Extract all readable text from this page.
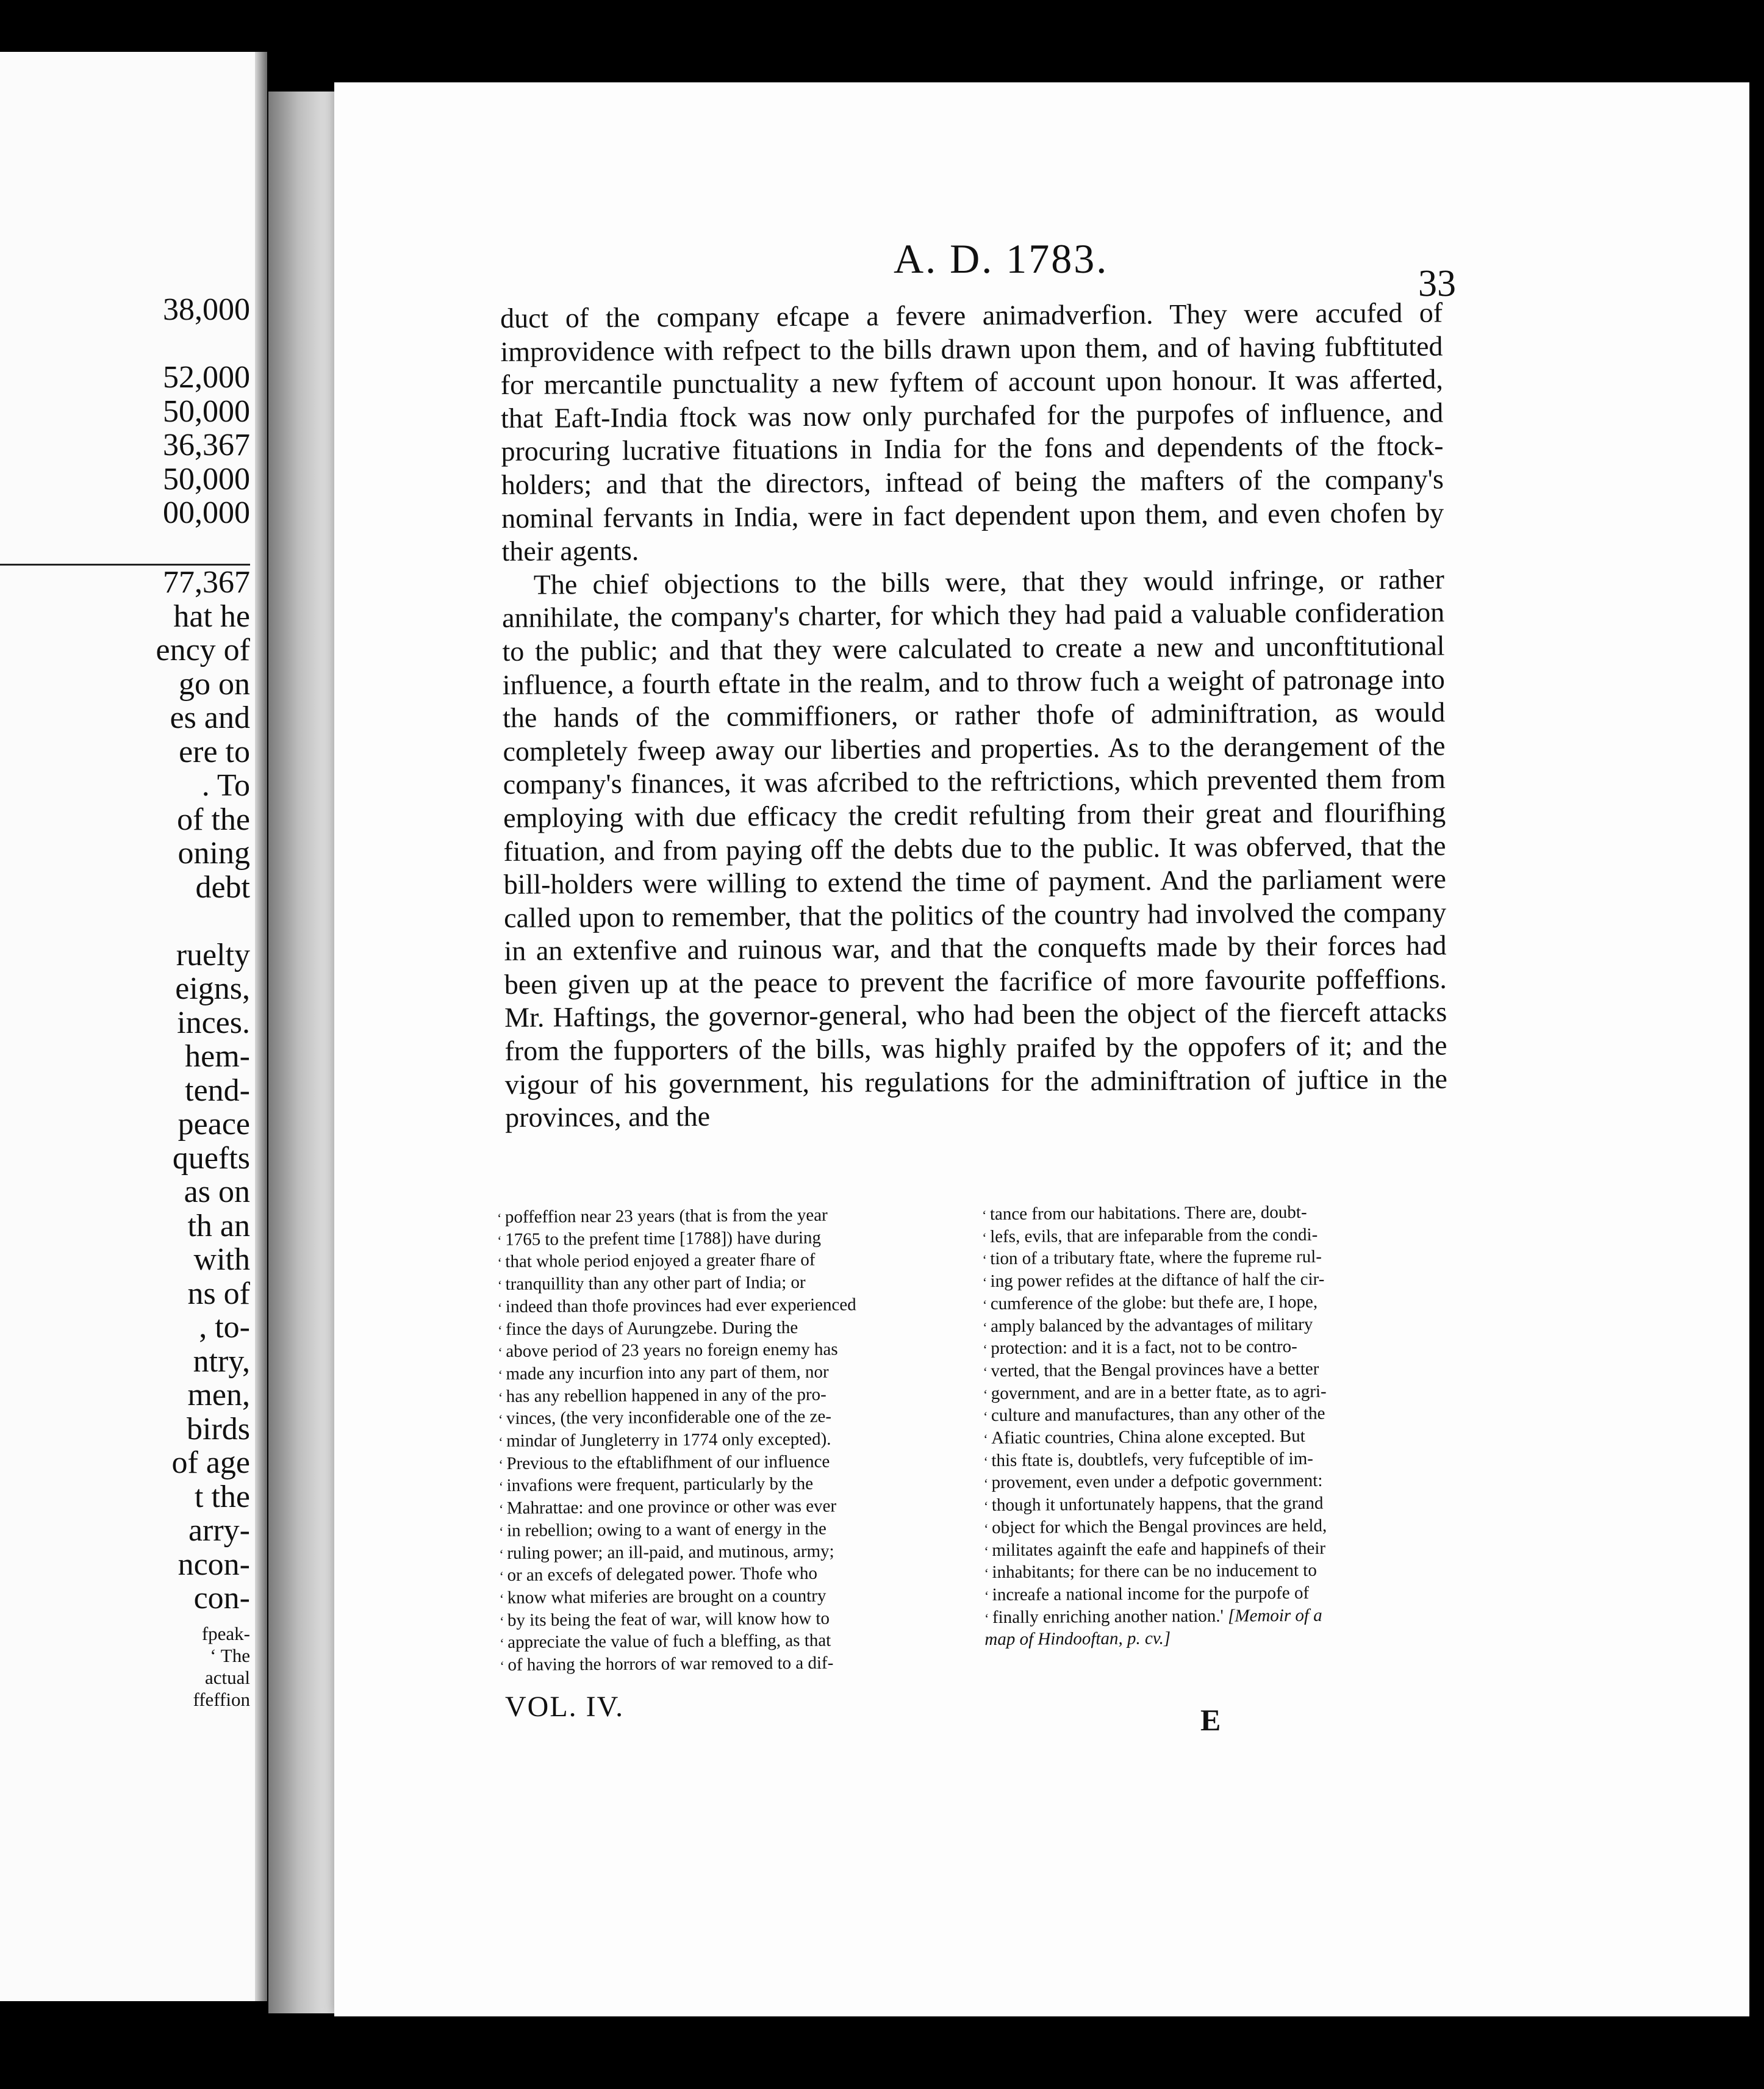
38,000
52,000
50,000
36,367
50,000
00,000
77,367
hat he
ency of
go on
es and
ere to
. To
of the
oning
debt
ruelty
eigns,
inces.
hem-
tend-
peace
quefts
as on
th an
with
ns of
, to-
ntry,
men,
birds
of age
t the
arry-
ncon-
con-
fpeak-
‘ The
actual
ffeffion
A. D. 1783.
33

duct of the company efcape a fevere animadverfion. They were accufed of improvidence with refpect to the bills drawn upon them, and of having fubftituted for mercantile punctuality a new fyftem of account upon honour. It was afferted, that Eaft-India ftock was now only purchafed for the purpofes of influence, and procuring lucrative fituations in India for the fons and dependents of the ftock-holders; and that the directors, inftead of being the mafters of the company's nominal fervants in India, were in fact dependent upon them, and even chofen by their agents.

The chief objections to the bills were, that they would infringe, or rather annihilate, the company's charter, for which they had paid a valuable confideration to the public; and that they were calculated to create a new and unconftitutional influence, a fourth eftate in the realm, and to throw fuch a weight of patronage into the hands of the commiffioners, or rather thofe of adminiftration, as would completely fweep away our liberties and properties. As to the derangement of the company's finances, it was afcribed to the reftrictions, which prevented them from employing with due efficacy the credit refulting from their great and flourifhing fituation, and from paying off the debts due to the public. It was obferved, that the bill-holders were willing to extend the time of payment. And the parliament were called upon to remember, that the politics of the country had involved the company in an extenfive and ruinous war, and that the conquefts made by their forces had been given up at the peace to prevent the facrifice of more favourite poffeffions. Mr. Haftings, the governor-general, who had been the object of the fierceft attacks from the fupporters of the bills, was highly praifed by the oppofers of it; and the vigour of his government, his regulations for the adminiftration of juftice in the provinces, and the

‘ poffeffion near 23 years (that is from the year
‘ 1765 to the prefent time [1788]) have during
‘ that whole period enjoyed a greater fhare of
‘ tranquillity than any other part of India; or
‘ indeed than thofe provinces had ever experienced
‘ fince the days of Aurungzebe. During the
‘ above period of 23 years no foreign enemy has
‘ made any incurfion into any part of them, nor
‘ has any rebellion happened in any of the pro-
‘ vinces, (the very inconfiderable one of the ze-
‘ mindar of Jungleterry in 1774 only excepted).
‘ Previous to the eftablifhment of our influence
‘ invafions were frequent, particularly by the
‘ Mahrattae: and one province or other was ever
‘ in rebellion; owing to a want of energy in the
‘ ruling power; an ill-paid, and mutinous, army;
‘ or an excefs of delegated power. Thofe who
‘ know what miferies are brought on a country
‘ by its being the feat of war, will know how to
‘ appreciate the value of fuch a bleffing, as that
‘ of having the horrors of war removed to a dif-
‘ tance from our habitations. There are, doubt-
‘ lefs, evils, that are infeparable from the condi-
‘ tion of a tributary ftate, where the fupreme rul-
‘ ing power refides at the diftance of half the cir-
‘ cumference of the globe: but thefe are, I hope,
‘ amply balanced by the advantages of military
‘ protection: and it is a fact, not to be contro-
‘ verted, that the Bengal provinces have a better
‘ government, and are in a better ftate, as to agri-
‘ culture and manufactures, than any other of the
‘ Afiatic countries, China alone excepted. But
‘ this ftate is, doubtlefs, very fufceptible of im-
‘ provement, even under a defpotic government:
‘ though it unfortunately happens, that the grand
‘ object for which the Bengal provinces are held,
‘ militates againft the eafe and happinefs of their
‘ inhabitants; for there can be no inducement to
‘ increafe a national income for the purpofe of
‘ finally enriching another nation.' [Memoir of a
map of Hindooftan, p. cv.]
VOL. IV.	E
